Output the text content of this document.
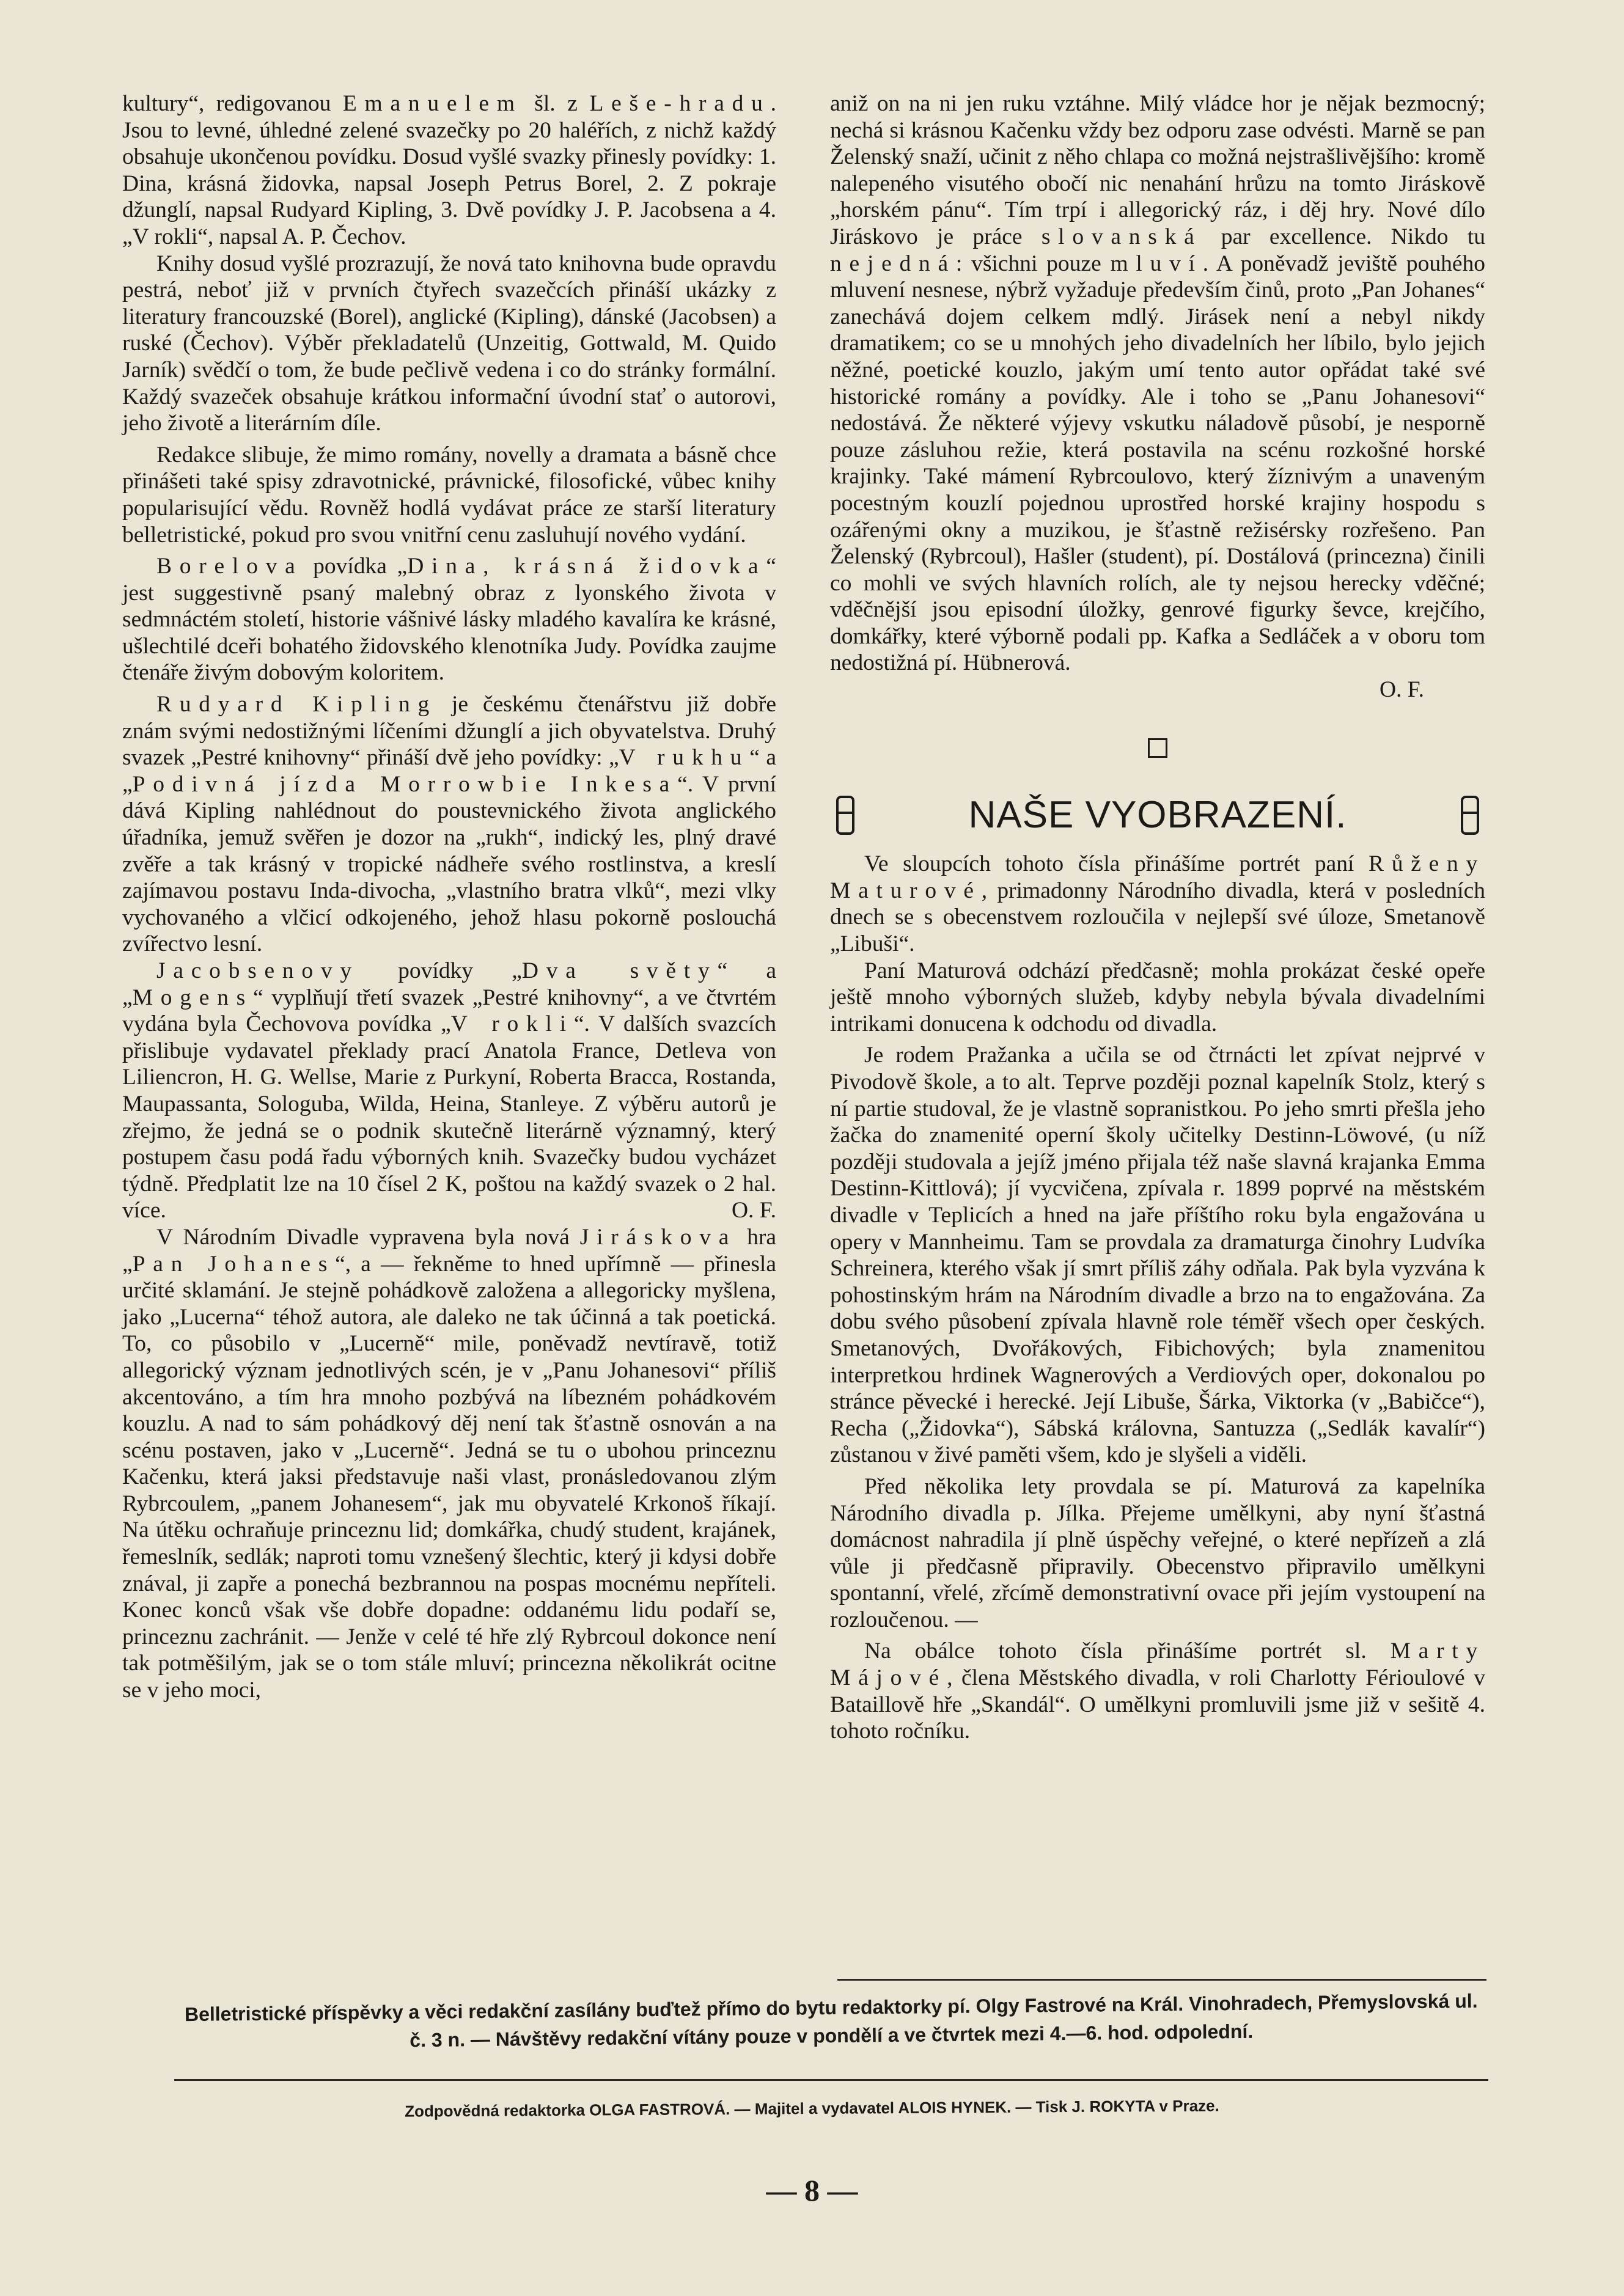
kultury“, redigovanou Emanuelem šl. z Leše-hradu. Jsou to levné, úhledné zelené svazečky po 20 haléřích, z nichž každý obsahuje ukončenou povídku. Dosud vyšlé svazky přinesly povídky: 1. Dina, krásná židovka, napsal Joseph Petrus Borel, 2. Z pokraje džunglí, napsal Rudyard Kipling, 3. Dvě povídky J. P. Jacobsena a 4. „V rokli“, napsal A. P. Čechov.

Knihy dosud vyšlé prozrazují, že nová tato knihovna bude opravdu pestrá, neboť již v prvních čtyřech svazečcích přináší ukázky z literatury francouzské (Borel), anglické (Kipling), dánské (Jacobsen) a ruské (Čechov). Výběr překladatelů (Unzeitig, Gottwald, M. Quido Jarník) svědčí o tom, že bude pečlivě vedena i co do stránky formální. Každý svazeček obsahuje krátkou informační úvodní stať o autorovi, jeho životě a literárním díle.

Redakce slibuje, že mimo romány, novelly a dramata a básně chce přinášeti také spisy zdravotnické, právnické, filosofické, vůbec knihy popularisující vědu. Rovněž hodlá vydávat práce ze starší literatury belletristické, pokud pro svou vnitřní cenu zasluhují nového vydání.

Borelova povídka „Dina, krásná židovka“ jest suggestivně psaný malebný obraz z lyonského života v sedmnáctém století, historie vášnivé lásky mladého kavalíra ke krásné, ušlechtilé dceři bohatého židovského klenotníka Judy. Povídka zaujme čtenáře živým dobovým koloritem.

Rudyard Kipling je českému čtenářstvu již dobře znám svými nedostižnými líčeními džunglí a jich obyvatelstva. Druhý svazek „Pestré knihovny“ přináší dvě jeho povídky: „V rukhu“ a „Podivná jízda Morrowbie Inkesa“. V první dává Kipling nahlédnout do poustevnického života anglického úřadníka, jemuž svěřen je dozor na „rukh“, indický les, plný dravé zvěře a tak krásný v tropické nádheře svého rostlinstva, a kreslí zajímavou postavu Inda-divocha, „vlastního bratra vlků“, mezi vlky vychovaného a vlčicí odkojeného, jehož hlasu pokorně poslouchá zvířectvo lesní.

Jacobsenovy povídky „Dva světy“ a „Mogens“ vyplňují třetí svazek „Pestré knihovny“, a ve čtvrtém vydána byla Čechovova povídka „V rokli“. V dalších svazcích přislibuje vydavatel překlady prací Anatola France, Detleva von Liliencron, H. G. Wellse, Marie z Purkyní, Roberta Bracca, Rostanda, Maupassanta, Sologuba, Wilda, Heina, Stanleye. Z výběru autorů je zřejmo, že jedná se o podnik skutečně literárně významný, který postupem času podá řadu výborných knih. Svazečky budou vycházet týdně. Předplatit lze na 10 čísel 2 K, poštou na každý svazek o 2 hal. více.	O. F.

V Národním Divadle vypravena byla nová Jiráskova hra „Pan Johanes“, a — řekněme to hned upřímně — přinesla určité sklamání. Je stejně pohádkově založena a allegoricky myšlena, jako „Lucerna“ téhož autora, ale daleko ne tak účinná a tak poetická. To, co působilo v „Lucerně“ mile, poněvadž nevtíravě, totiž allegorický význam jednotlivých scén, je v „Panu Johanesovi“ příliš akcentováno, a tím hra mnoho pozbývá na líbezném pohádkovém kouzlu. A nad to sám pohádkový děj není tak šťastně osnován a na scénu postaven, jako v „Lucerně“. Jedná se tu o ubohou princeznu Kačenku, která jaksi představuje naši vlast, pronásledovanou zlým Rybrcoulem, „panem Johanesem“, jak mu obyvatelé Krkonoš říkají. Na útěku ochraňuje princeznu lid; domkářka, chudý student, krajánek, řemeslník, sedlák; naproti tomu vznešený šlechtic, který ji kdysi dobře znával, ji zapře a ponechá bezbrannou na pospas mocnému nepříteli. Konec konců však vše dobře dopadne: oddanému lidu podaří se, princeznu zachránit. — Jenže v celé té hře zlý Rybrcoul dokonce není tak potměšilým, jak se o tom stále mluví; princezna několikrát ocitne se v jeho moci,

aniž on na ni jen ruku vztáhne. Milý vládce hor je nějak bezmocný; nechá si krásnou Kačenku vždy bez odporu zase odvésti. Marně se pan Želenský snaží, učinit z něho chlapa co možná nejstrašlivějšího: kromě nalepeného visutého obočí nic nenahání hrůzu na tomto Jiráskově „horském pánu“. Tím trpí i allegorický ráz, i děj hry. Nové dílo Jiráskovo je práce slovanská par excellence. Nikdo tu nejedná: všichni pouze mluví. A poněvadž jeviště pouhého mluvení nesnese, nýbrž vyžaduje především činů, proto „Pan Johanes“ zanechává dojem celkem mdlý. Jirásek není a nebyl nikdy dramatikem; co se u mnohých jeho divadelních her líbilo, bylo jejich něžné, poetické kouzlo, jakým umí tento autor opřádat také své historické romány a povídky. Ale i toho se „Panu Johanesovi“ nedostává. Že některé výjevy vskutku náladově působí, je nesporně pouze zásluhou režie, která postavila na scénu rozkošné horské krajinky. Také mámení Rybrcoulovo, který žíznivým a unaveným pocestným kouzlí pojednou uprostřed horské krajiny hospodu s ozářenými okny a muzikou, je šťastně režisérsky rozřešeno. Pan Želenský (Rybrcoul), Hašler (student), pí. Dostálová (princezna) činili co mohli ve svých hlavních rolích, ale ty nejsou herecky vděčné; vděčnější jsou episodní úložky, genrové figurky ševce, krejčího, domkářky, které výborně podali pp. Kafka a Sedláček a v oboru tom nedostižná pí. Hübnerová.

O. F.
NAŠE VYOBRAZENÍ.

Ve sloupcích tohoto čísla přinášíme portrét paní Růženy Maturové, primadonny Národního divadla, která v posledních dnech se s obecenstvem rozloučila v nejlepší své úloze, Smetanově „Libuši“.

Paní Maturová odchází předčasně; mohla prokázat české opeře ještě mnoho výborných služeb, kdyby nebyla bývala divadelními intrikami donucena k odchodu od divadla.

Je rodem Pražanka a učila se od čtrnácti let zpívat nejprvé v Pivodově škole, a to alt. Teprve později poznal kapelník Stolz, který s ní partie studoval, že je vlastně sopranistkou. Po jeho smrti přešla jeho žačka do znamenité operní školy učitelky Destinn-Löwové, (u níž později studovala a jejíž jméno přijala též naše slavná krajanka Emma Destinn-Kittlová); jí vycvičena, zpívala r. 1899 poprvé na městském divadle v Teplicích a hned na jaře příštího roku byla engažována u opery v Mannheimu. Tam se provdala za dramaturga činohry Ludvíka Schreinera, kterého však jí smrt příliš záhy odňala. Pak byla vyzvána k pohostinským hrám na Národním divadle a brzo na to engažována. Za dobu svého působení zpívala hlavně role téměř všech oper českých. Smetanových, Dvořákových, Fibichových; byla znamenitou interpretkou hrdinek Wagnerových a Verdiových oper, dokonalou po stránce pěvecké i herecké. Její Libuše, Šárka, Viktorka (v „Babičce“), Recha („Židovka“), Sábská královna, Santuzza („Sedlák kavalír“) zůstanou v živé paměti všem, kdo je slyšeli a viděli.

Před několika lety provdala se pí. Maturová za kapelníka Národního divadla p. Jílka. Přejeme umělkyni, aby nyní šťastná domácnost nahradila jí plně úspěchy veřejné, o které nepřízeň a zlá vůle ji předčasně připravily. Obecenstvo připravilo umělkyni spontanní, vřelé, zřcímě demonstrativní ovace při jejím vystoupení na rozloučenou. —

Na obálce tohoto čísla přinášíme portrét sl. Marty Májové, člena Městského divadla, v roli Charlotty Férioulové v Bataillově hře „Skandál“. O umělkyni promluvili jsme již v sešitě 4. tohoto ročníku.

Belletristické příspěvky a věci redakční zasílány buďtež přímo do bytu redaktorky pí. Olgy Fastrové na Král. Vinohradech, Přemyslovská ul. č. 3 n. — Návštěvy redakční vítány pouze v pondělí a ve čtvrtek mezi 4.—6. hod. odpolední.
Zodpovědná redaktorka OLGA FASTROVÁ. — Majitel a vydavatel ALOIS HYNEK. — Tisk J. ROKYTA v Praze.
— 8 —
